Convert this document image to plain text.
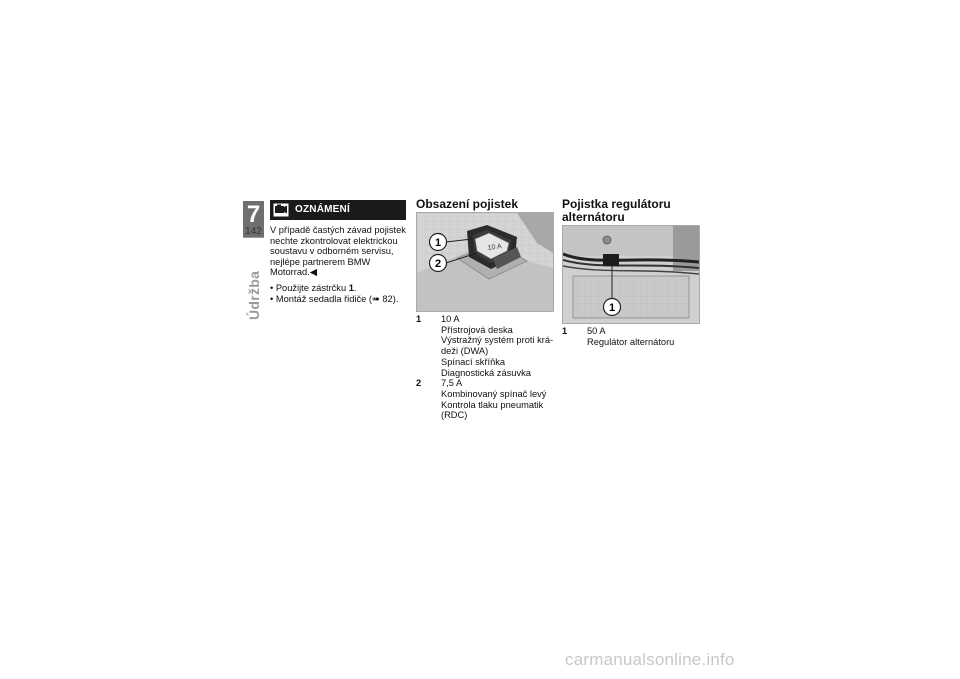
7
142
Údržba
OZNÁMENÍ
V případě častých závad pojistek nechte zkontrolovat elektrickou soustavu v odborném servisu, nejlépe partnerem BMW Motorrad.◀
• Použijte zástrčku 1.
• Montáž sedadla řidiče (➠ 82).
Obsazení pojistek
10 A
1
2
1 10 A
Přístrojová deska
Výstražný systém proti krá-
deži (DWA)
Spínací skříňka
Diagnostická zásuvka
2 7,5 A
Kombinovaný spínač levý
Kontrola tlaku pneumatik
(RDC)
Pojistka regulátoru
alternátoru
1
1 50 A
Regulátor alternátoru
carmanualsonline.info
